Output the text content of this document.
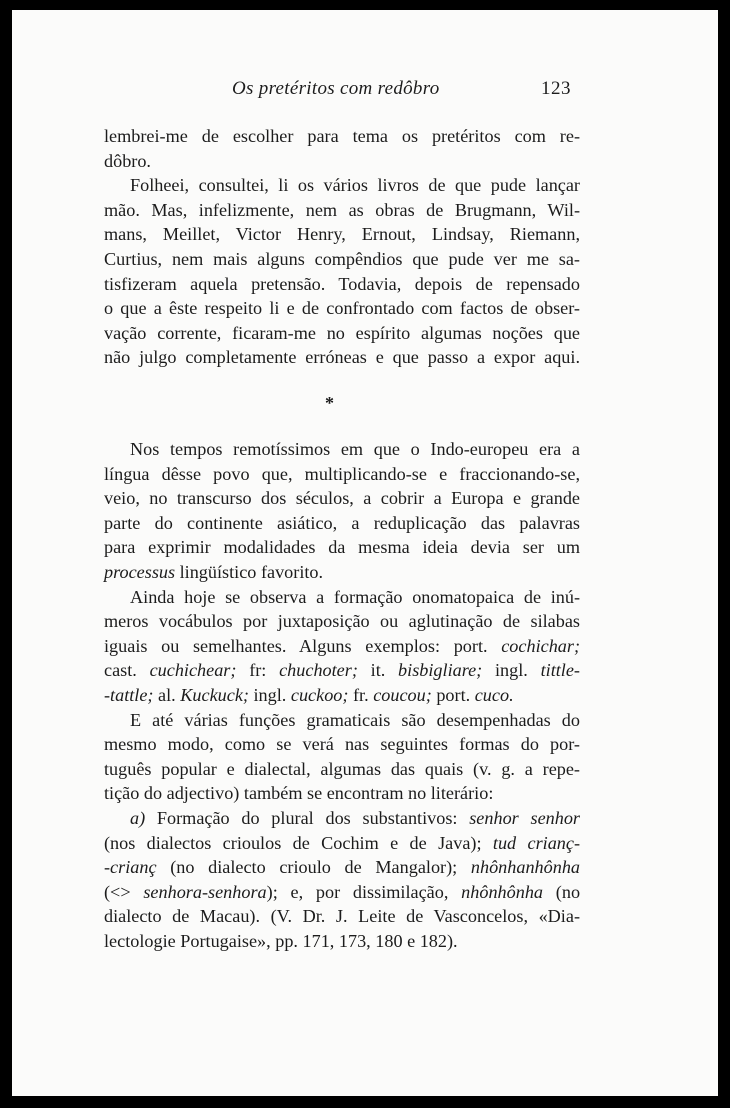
Os pretéritos com redôbro	123
lembrei-me de escolher para tema os pretéritos com re-
dôbro.
Folheei, consultei, li os vários livros de que pude lançar
mão. Mas, infelizmente, nem as obras de Brugmann, Wil-
mans, Meillet, Victor Henry, Ernout, Lindsay, Riemann,
Curtius, nem mais alguns compêndios que pude ver me sa-
tisfizeram aquela pretensão. Todavia, depois de repensado
o que a êste respeito li e de confrontado com factos de obser-
vação corrente, ficaram-me no espírito algumas noções que
não julgo completamente erróneas e que passo a expor aqui.
*
Nos tempos remotíssimos em que o Indo-europeu era a
língua dêsse povo que, multiplicando-se e fraccionando-se,
veio, no transcurso dos séculos, a cobrir a Europa e grande
parte do continente asiático, a reduplicação das palavras
para exprimir modalidades da mesma ideia devia ser um
processus lingüístico favorito.
Ainda hoje se observa a formação onomatopaica de inú-
meros vocábulos por juxtaposição ou aglutinação de silabas
iguais ou semelhantes. Alguns exemplos: port. cochichar;
cast. cuchichear; fr: chuchoter; it. bisbigliare; ingl. tittle-
-tattle; al. Kuckuck; ingl. cuckoo; fr. coucou; port. cuco.
E até várias funções gramaticais são desempenhadas do
mesmo modo, como se verá nas seguintes formas do por-
tuguês popular e dialectal, algumas das quais (v. g. a repe-
tição do adjectivo) também se encontram no literário:
a) Formação do plural dos substantivos: senhor senhor
(nos dialectos crioulos de Cochim e de Java); tud crianç-
-crianç (no dialecto crioulo de Mangalor); nhônhanhônha
(<> senhora-senhora); e, por dissimilação, nhônhônha (no
dialecto de Macau). (V. Dr. J. Leite de Vasconcelos, «Dia-
lectologie Portugaise», pp. 171, 173, 180 e 182).
